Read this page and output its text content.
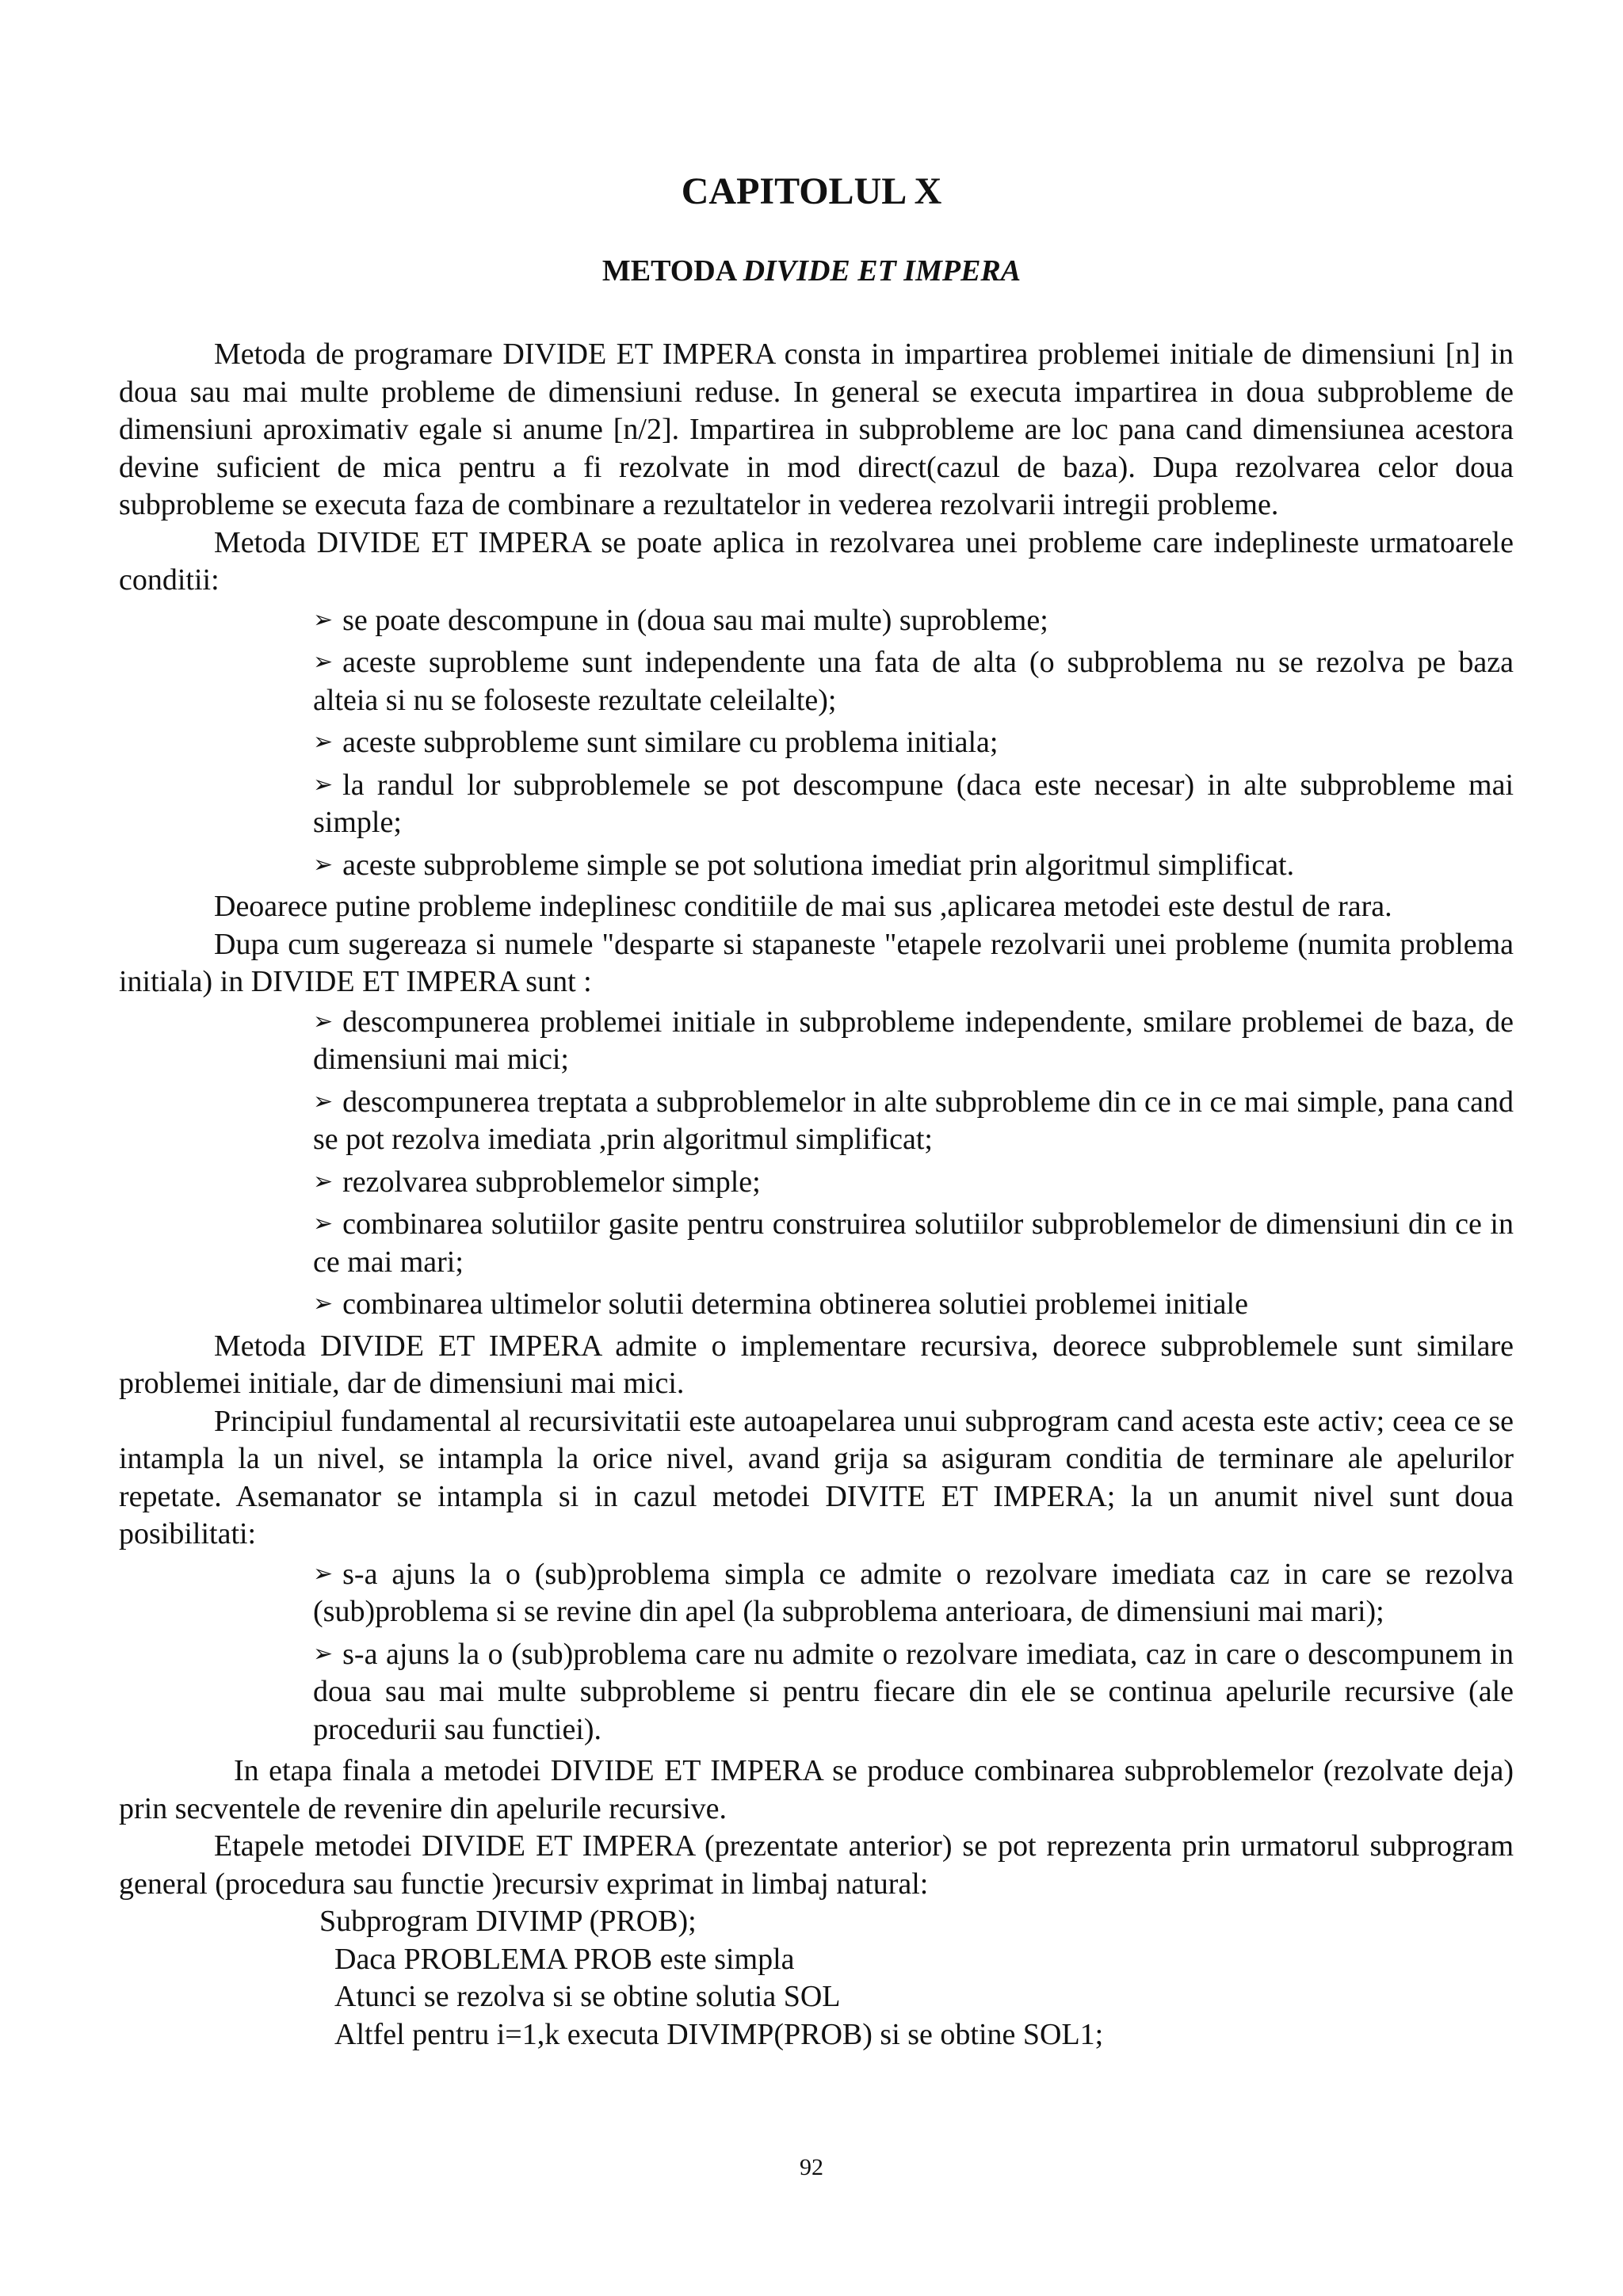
CAPITOLUL X
METODA DIVIDE ET IMPERA

Metoda de programare DIVIDE ET IMPERA consta in impartirea problemei initiale de dimensiuni [n] in doua sau mai multe probleme de dimensiuni reduse. In general se executa impartirea in doua subprobleme de dimensiuni aproximativ egale si anume [n/2]. Impartirea in subprobleme are loc pana cand dimensiunea acestora devine suficient de mica pentru a fi rezolvate in mod direct(cazul de baza). Dupa rezolvarea celor doua subprobleme se executa faza de combinare a rezultatelor in vederea rezolvarii intregii probleme.

Metoda DIVIDE ET IMPERA se poate aplica in rezolvarea unei probleme care indeplineste urmatoarele conditii:

➢ se poate descompune in (doua sau mai multe) suprobleme;
➢ aceste suprobleme sunt independente una fata de alta (o subproblema nu se rezolva pe baza alteia si nu se foloseste rezultate celeilalte);
➢ aceste subprobleme sunt similare cu problema initiala;
➢ la randul lor subproblemele se pot descompune (daca este necesar) in alte subprobleme mai simple;
➢ aceste subprobleme simple se pot solutiona imediat prin algoritmul simplificat.

Deoarece putine probleme indeplinesc conditiile de mai sus ,aplicarea metodei este destul de rara.

Dupa cum sugereaza si numele "desparte si stapaneste "etapele rezolvarii unei probleme (numita problema initiala) in DIVIDE ET IMPERA sunt :

➢ descompunerea problemei initiale in subprobleme independente, smilare problemei de baza, de dimensiuni mai mici;
➢ descompunerea treptata a subproblemelor in alte subprobleme din ce in ce mai simple, pana cand se pot rezolva imediata ,prin algoritmul simplificat;
➢ rezolvarea subproblemelor simple;
➢ combinarea solutiilor gasite pentru construirea solutiilor subproblemelor de dimensiuni din ce in ce mai mari;
➢ combinarea ultimelor solutii determina obtinerea solutiei problemei initiale

Metoda DIVIDE ET IMPERA admite o implementare recursiva, deorece subproblemele sunt similare problemei initiale, dar de dimensiuni mai mici.

Principiul fundamental al recursivitatii este autoapelarea unui subprogram cand acesta este activ; ceea ce se intampla la un nivel, se intampla la orice nivel, avand grija sa asiguram conditia de terminare ale apelurilor repetate. Asemanator se intampla si in cazul metodei DIVITE ET IMPERA; la un anumit nivel sunt doua posibilitati:

➢ s-a ajuns la o (sub)problema simpla ce admite o rezolvare imediata caz in care se rezolva (sub)problema si se revine din apel (la subproblema anterioara, de dimensiuni mai mari);
➢ s-a ajuns la o (sub)problema care nu admite o rezolvare imediata, caz in care o descompunem in doua sau mai multe subprobleme si pentru fiecare din ele se continua apelurile recursive (ale procedurii sau functiei).

In etapa finala a metodei DIVIDE ET IMPERA se produce combinarea subproblemelor (rezolvate deja) prin secventele de revenire din apelurile recursive.

Etapele metodei DIVIDE ET IMPERA (prezentate anterior) se pot reprezenta prin urmatorul subprogram general (procedura sau functie )recursiv exprimat in limbaj natural:

Subprogram DIVIMP (PROB);
Daca PROBLEMA PROB este simpla
Atunci se rezolva si se obtine solutia SOL
Altfel pentru i=1,k executa DIVIMP(PROB) si se obtine SOL1;
92
